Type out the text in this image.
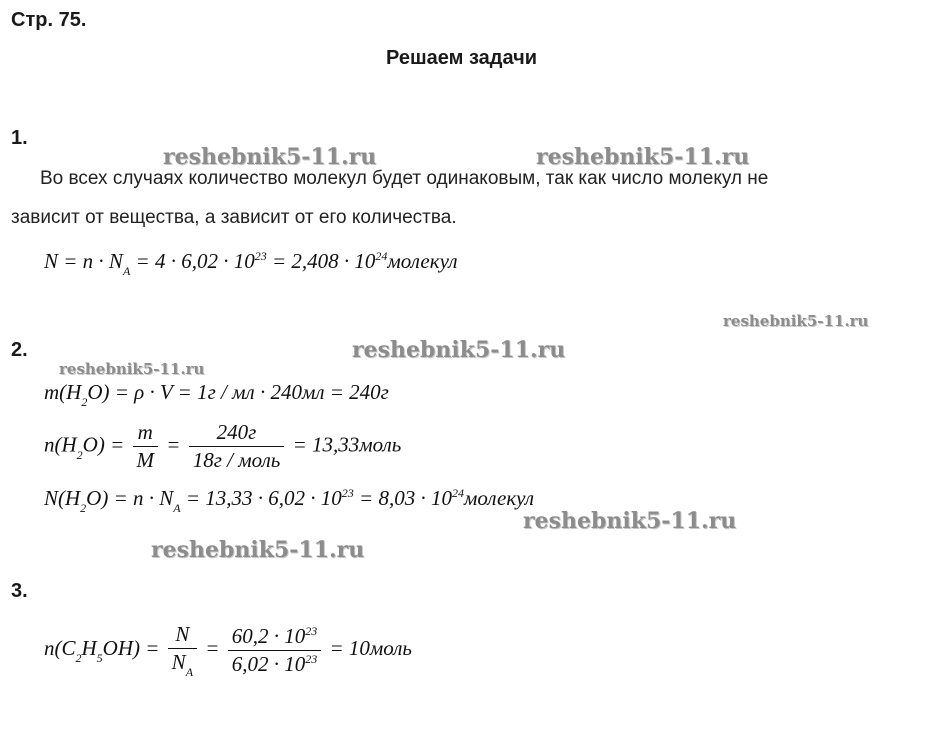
Стр. 75.
Решаем задачи
1.
reshebnik5-11.ru	reshebnik5-11.ru
Во всех случаях количество молекул будет одинаковым, так как число молекул не
зависит от вещества, а зависит от его количества.
$N = n \cdot N_A = 4 \cdot 6,02 \cdot 10^{23} = 2,408$ · $10^{24}молекул$
reshebnik5-11.ru
2.	reshebnik5-11.ru
reshebnik5-11.ru
$m(H_2O) = \rho \cdot V = 1г$ / мл · 240мл = 240г
$n(H_2O) = \frac{m}{M} = \frac{240г}{\text{18г / моль}}$ = 13,33моль
$N(H_2O) = n \cdot N_A = 13,33 \cdot 6,02 \cdot 10^{23} = 8,03$ · $10^{24}молекул$
reshebnik5-11.ru
reshebnik5-11.ru
3.
$n(C_2H_5OH) = \frac{N}{N_A} = \frac{60,2 \cdot 10^{23}}{6,02 \cdot 10^{23}}$ = 10моль
